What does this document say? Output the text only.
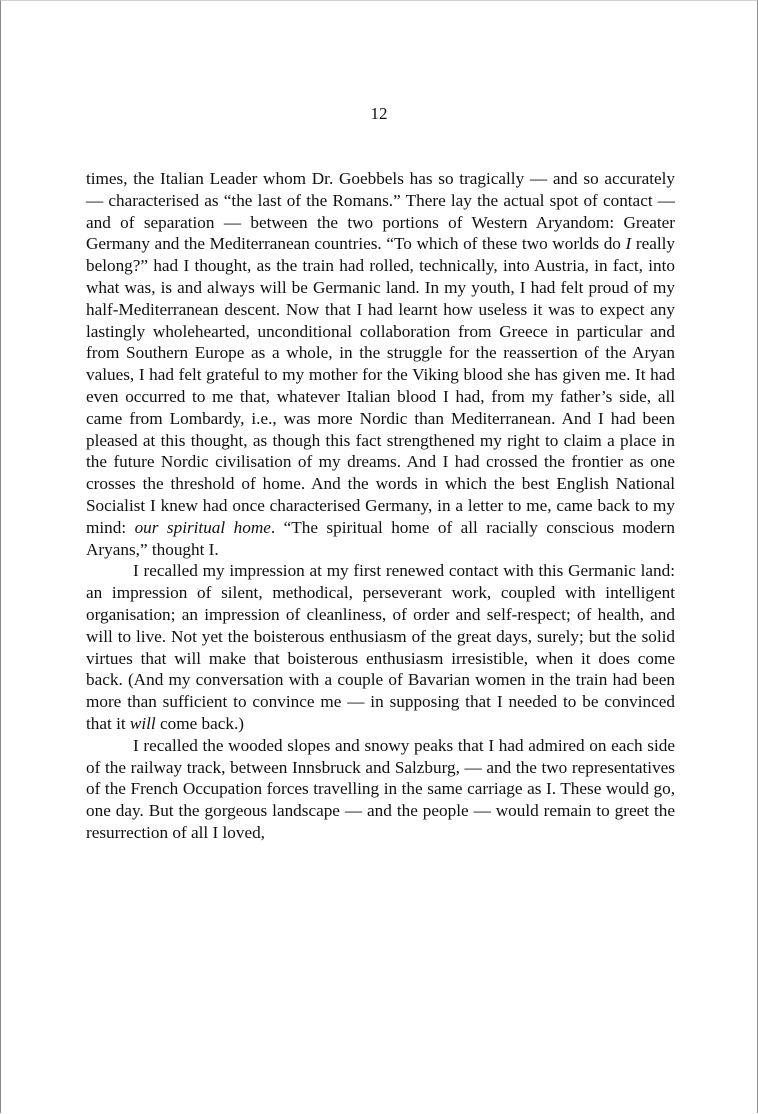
12

times, the Italian Leader whom Dr. Goebbels has so tragically — and so accurately — characterised as “the last of the Romans.” There lay the actual spot of contact — and of separation — between the two portions of Western Aryandom: Greater Germany and the Mediterranean countries. “To which of these two worlds do I really belong?” had I thought, as the train had rolled, technically, into Austria, in fact, into what was, is and always will be Germanic land. In my youth, I had felt proud of my half-Mediterranean descent. Now that I had learnt how useless it was to expect any lastingly wholehearted, unconditional collaboration from Greece in particular and from Southern Europe as a whole, in the struggle for the reassertion of the Aryan values, I had felt grateful to my mother for the Viking blood she has given me. It had even occurred to me that, whatever Italian blood I had, from my father’s side, all came from Lombardy, i.e., was more Nordic than Mediterranean. And I had been pleased at this thought, as though this fact strengthened my right to claim a place in the future Nordic civilisation of my dreams. And I had crossed the frontier as one crosses the threshold of home. And the words in which the best English National Socialist I knew had once characterised Germany, in a letter to me, came back to my mind: our spiritual home. “The spiritual home of all racially conscious modern Aryans,” thought I.

I recalled my impression at my first renewed contact with this Germanic land: an impression of silent, methodical, perseverant work, coupled with intelligent organisation; an impression of cleanliness, of order and self-respect; of health, and will to live. Not yet the boisterous enthusiasm of the great days, surely; but the solid virtues that will make that boisterous enthusiasm irresistible, when it does come back. (And my conversation with a couple of Bavarian women in the train had been more than sufficient to convince me — in supposing that I needed to be convinced that it will come back.)

I recalled the wooded slopes and snowy peaks that I had admired on each side of the railway track, between Innsbruck and Salzburg, — and the two representatives of the French Occupation forces travelling in the same carriage as I. These would go, one day. But the gorgeous landscape — and the people — would remain to greet the resurrection of all I loved,
